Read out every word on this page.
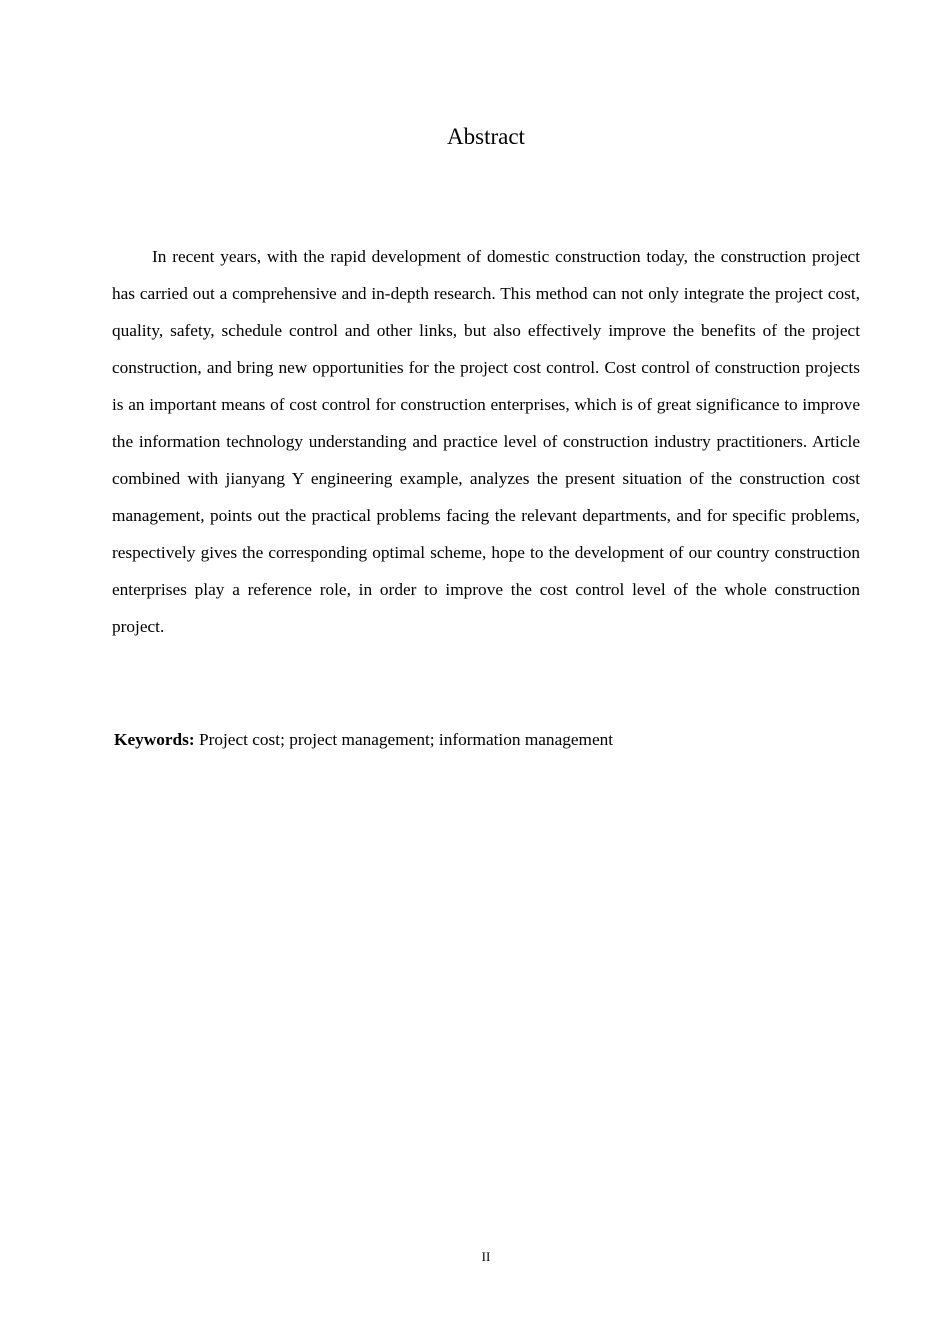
Abstract

In recent years, with the rapid development of domestic construction today, the construction project has carried out a comprehensive and in-depth research. This method can not only integrate the project cost, quality, safety, schedule control and other links, but also effectively improve the benefits of the project construction, and bring new opportunities for the project cost control. Cost control of construction projects is an important means of cost control for construction enterprises, which is of great significance to improve the information technology understanding and practice level of construction industry practitioners. Article combined with jianyang Y engineering example, analyzes the present situation of the construction cost management, points out the practical problems facing the relevant departments, and for specific problems, respectively gives the corresponding optimal scheme, hope to the development of our country construction enterprises play a reference role, in order to improve the cost control level of the whole construction project.

Keywords: Project cost; project management; information management

II
